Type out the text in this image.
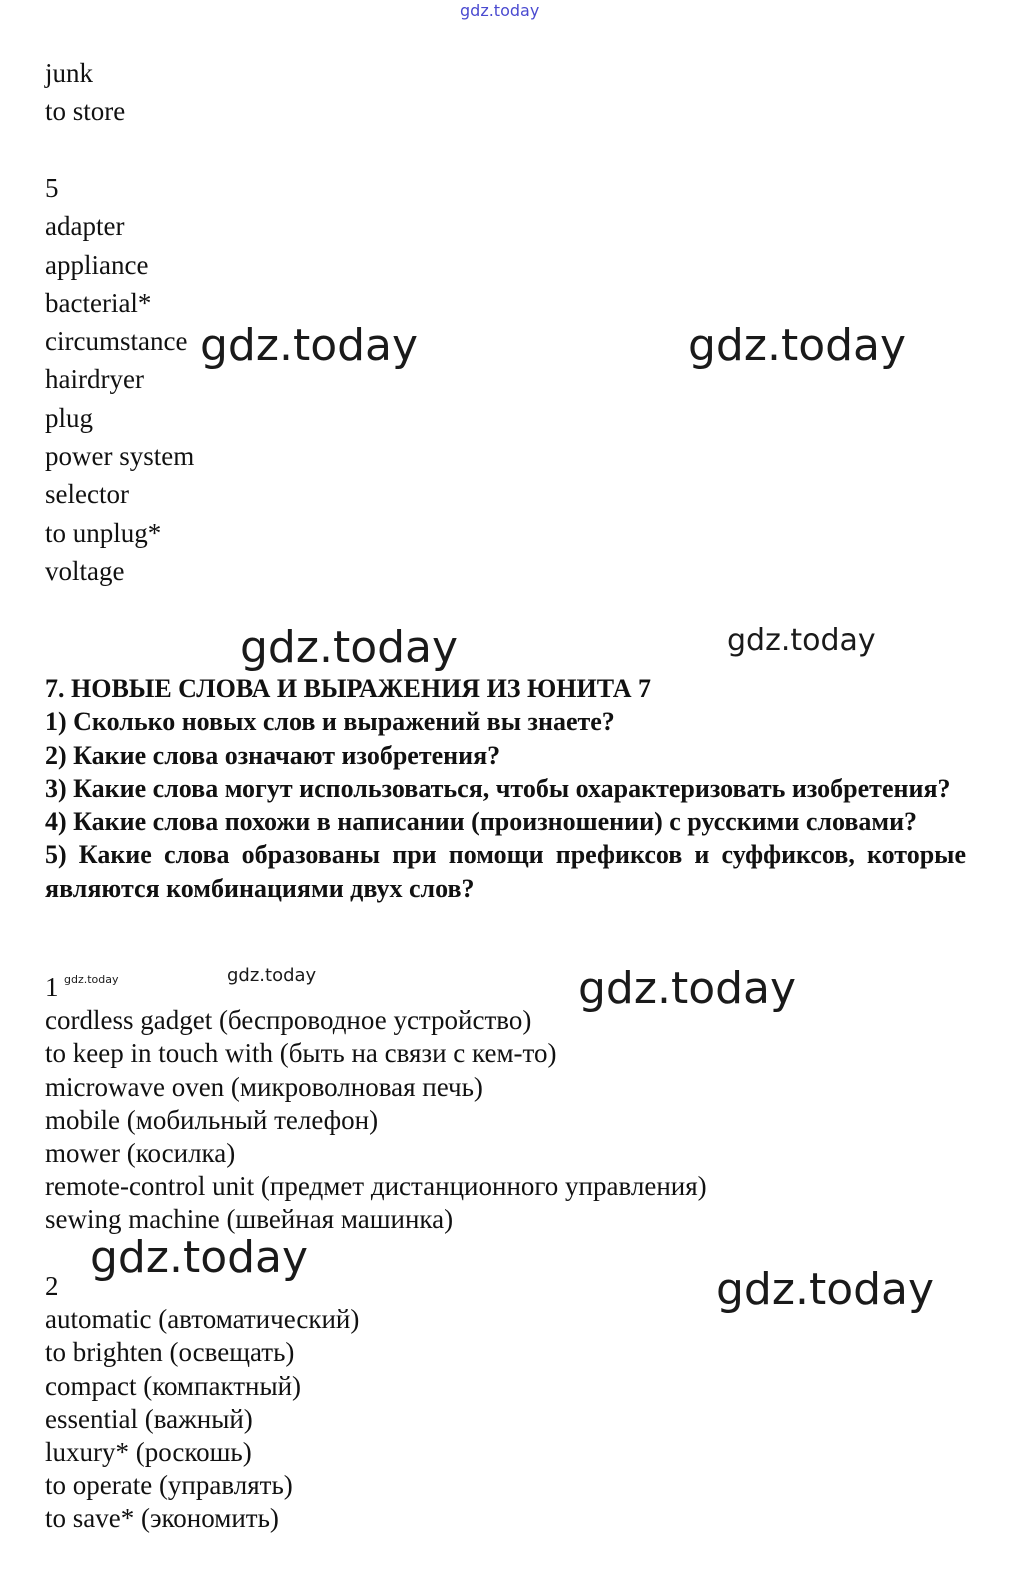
gdz.today
gdz.today	gdz.today
gdz.today	gdz.today
gdz.today	gdz.today	gdz.today
gdz.today
gdz.today
junk
to store
5
adapter
appliance
bacterial*
circumstance
hairdryer
plug
power system
selector
to unplug*
voltage
7. НОВЫЕ СЛОВА И ВЫРАЖЕНИЯ ИЗ ЮНИТА 7
1) Сколько новых слов и выражений вы знаете?
2) Какие слова означают изобретения?
3) Какие слова могут использоваться, чтобы охарактеризовать изобретения?
4) Какие слова похожи в написании (произношении) с русскими словами?
5) Какие слова образованы при помощи префиксов и суффиксов, которые являются комбинациями двух слов?
1
cordless gadget (беспроводное устройство)
to keep in touch with (быть на связи с кем-то)
microwave oven (микроволновая печь)
mobile (мобильный телефон)
mower (косилка)
remote-control unit (предмет дистанционного управления)
sewing machine (швейная машинка)
2
automatic (автоматический)
to brighten (освещать)
compact (компактный)
essential (важный)
luxury* (роскошь)
to operate (управлять)
to save* (экономить)
